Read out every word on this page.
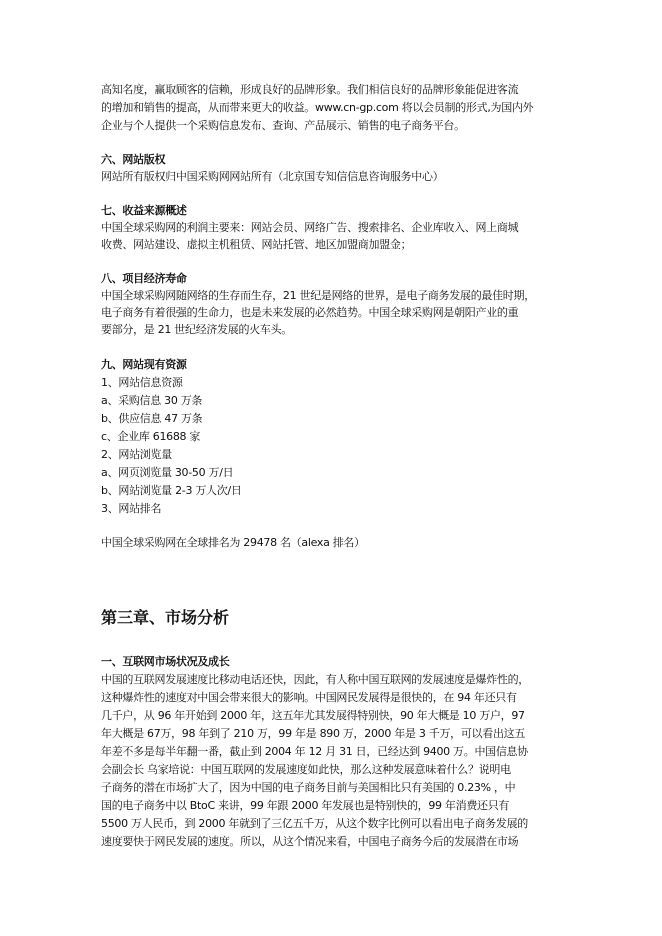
高知名度，赢取顾客的信赖，形成良好的品牌形象。我们相信良好的品牌形象能促进客流
的增加和销售的提高，从而带来更大的收益。www.cn-gp.com 将以会员制的形式,为国内外
企业与个人提供一个采购信息发布、查询、产品展示、销售的电子商务平台。
六、网站版权
网站所有版权归中国采购网网站所有（北京国专知信信息咨询服务中心）
七、收益来源概述
中国全球采购网的利润主要来：网站会员、网络广告、搜索排名、企业库收入、网上商城
收费、网站建设、虚拟主机租赁、网站托管、地区加盟商加盟金；
八、项目经济寿命
中国全球采购网随网络的生存而生存，21 世纪是网络的世界，是电子商务发展的最佳时期，
电子商务有着很强的生命力，也是未来发展的必然趋势。中国全球采购网是朝阳产业的重
要部分，是 21 世纪经济发展的火车头。
九、网站现有资源
1、网站信息资源
a、采购信息 30 万条
b、供应信息 47 万条
c、企业库 61688 家
2、网站浏览量
a、网页浏览量 30-50 万/日
b、网站浏览量 2-3 万人次/日
3、网站排名
中国全球采购网在全球排名为 29478 名（alexa 排名）
第三章、市场分析
一、互联网市场状况及成长
中国的互联网发展速度比移动电话还快，因此，有人称中国互联网的发展速度是爆炸性的，
这种爆炸性的速度对中国会带来很大的影响。中国网民发展得是很快的，在 94 年还只有
几千户，从 96 年开始到 2000 年，这五年尤其发展得特别快，90 年大概是 10 万户，97
年大概是 67万，98 年到了 210 万，99 年是 890 万，2000 年是 3 千万，可以看出这五
年差不多是每半年翻一番，截止到 2004 年 12 月 31 日，已经达到 9400 万。中国信息协
会副会长 乌家培说：中国互联网的发展速度如此快，那么这种发展意味着什么？说明电
子商务的潜在市场扩大了，因为中国的电子商务目前与美国相比只有美国的 0.23% ，中
国的电子商务中以 BtoC 来讲，99 年跟 2000 年发展也是特别快的，99 年消费还只有
5500 万人民币，到 2000 年就到了三亿五千万，从这个数字比例可以看出电子商务发展的
速度要快于网民发展的速度。所以，从这个情况来看，中国电子商务今后的发展潜在市场
